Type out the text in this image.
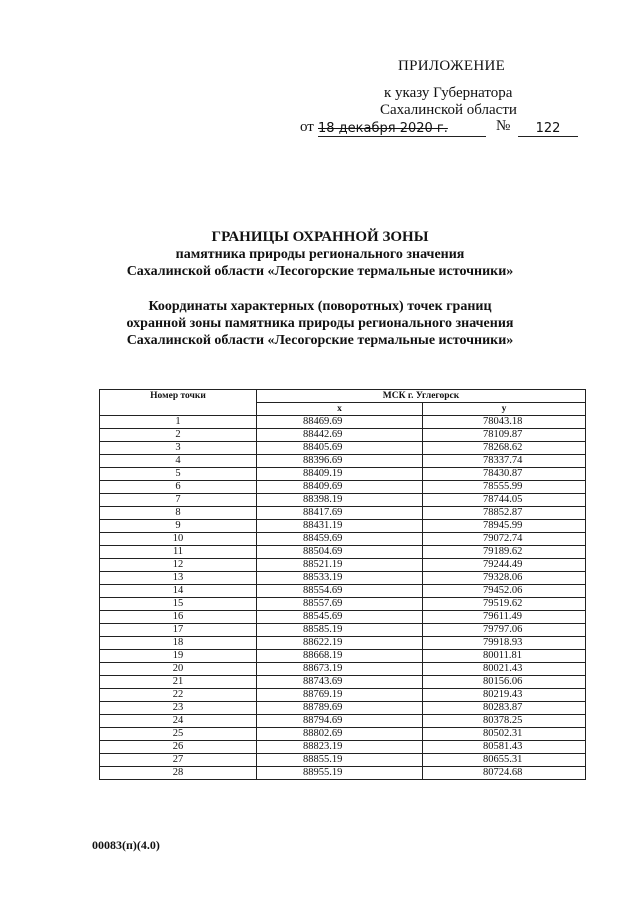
ПРИЛОЖЕНИЕ
к указу Губернатора
Сахалинской области
от 18 декабря 2020 г.	№	122
ГРАНИЦЫ ОХРАННОЙ ЗОНЫ
памятника природы регионального значения
Сахалинской области «Лесогорские термальные источники»
Координаты характерных (поворотных) точек границ
охранной зоны памятника природы регионального значения
Сахалинской области «Лесогорские термальные источники»
Номер точки	МСК г. Углегорск	
	x	y
1	88469.69	78043.18
2	88442.69	78109.87
3	88405.69	78268.62
4	88396.69	78337.74
5	88409.19	78430.87
6	88409.69	78555.99
7	88398.19	78744.05
8	88417.69	78852.87
9	88431.19	78945.99
10	88459.69	79072.74
11	88504.69	79189.62
12	88521.19	79244.49
13	88533.19	79328.06
14	88554.69	79452.06
15	88557.69	79519.62
16	88545.69	79611.49
17	88585.19	79797.06
18	88622.19	79918.93
19	88668.19	80011.81
20	88673.19	80021.43
21	88743.69	80156.06
22	88769.19	80219.43
23	88789.69	80283.87
24	88794.69	80378.25
25	88802.69	80502.31
26	88823.19	80581.43
27	88855.19	80655.31
28	88955.19	80724.68
00083(п)(4.0)
